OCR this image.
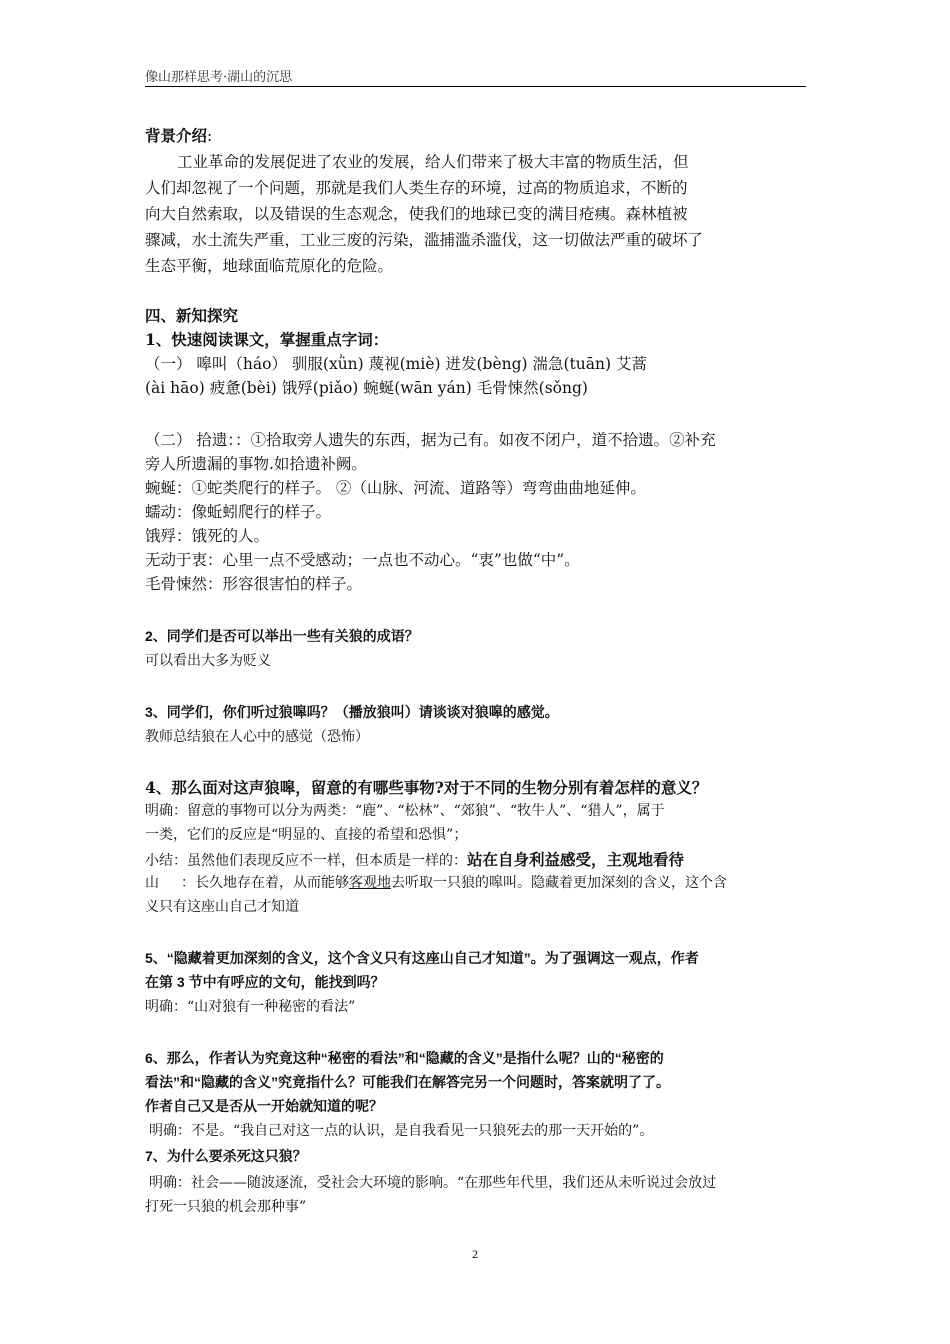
像山那样思考·湖山的沉思
背景介绍:
工业革命的发展促进了农业的发展，给人们带来了极大丰富的物质生活，但
人们却忽视了一个问题，那就是我们人类生存的环境，过高的物质追求，不断的
向大自然索取，以及错误的生态观念，使我们的地球已变的满目疮痍。森林植被
骤减，水土流失严重，工业三废的污染，滥捕滥杀滥伐，这一切做法严重的破坏了
生态平衡，地球面临荒原化的危险。
四、新知探究
1、快速阅读课文，掌握重点字词：
（一） 嗥叫（háo） 驯服(xǜn) 蔑视(miè) 迸发(bèng) 湍急(tuān) 艾蒿
(ài hāo) 疲惫(bèi) 饿殍(piǎo) 蜿蜒(wān yán) 毛骨悚然(sǒng)
（二） 拾遗：：①拾取旁人遗失的东西，据为己有。如夜不闭户，道不拾遗。②补充
旁人所遗漏的事物.如拾遗补阙。
蜿蜒：①蛇类爬行的样子。 ②（山脉、河流、道路等）弯弯曲曲地延伸。
蠕动：像蚯蚓爬行的样子。
饿殍：饿死的人。
无动于衷：心里一点不受感动；一点也不动心。“衷”也做“中”。
毛骨悚然：形容很害怕的样子。
2、同学们是否可以举出一些有关狼的成语？
可以看出大多为贬义
3、同学们，你们听过狼嗥吗？（播放狼叫）请谈谈对狼嗥的感觉。
教师总结狼在人心中的感觉（恐怖）
4、那么面对这声狼嗥，留意的有哪些事物?对于不同的生物分别有着怎样的意义？
明确：留意的事物可以分为两类：“鹿”、“松林”、“郊狼”、“牧牛人”、“猎人”，属于
一类，它们的反应是“明显的、直接的希望和恐惧”；
小结：虽然他们表现反应不一样，但本质是一样的：站在自身利益感受，主观地看待
山 ：长久地存在着，从而能够客观地去听取一只狼的嗥叫。隐藏着更加深刻的含义，这个含
义只有这座山自己才知道
5、“隐藏着更加深刻的含义，这个含义只有这座山自己才知道”。为了强调这一观点，作者
在第 3 节中有呼应的文句，能找到吗？
明确：“山对狼有一种秘密的看法”
6、那么，作者认为究竟这种“秘密的看法”和“隐藏的含义”是指什么呢？山的“秘密的
看法”和“隐藏的含义”究竟指什么？可能我们在解答完另一个问题时，答案就明了了。
作者自己又是否从一开始就知道的呢？
明确：不是。“我自己对这一点的认识，是自我看见一只狼死去的那一天开始的”。
7、为什么要杀死这只狼？
明确：社会——随波逐流，受社会大环境的影响。“在那些年代里，我们还从未听说过会放过
打死一只狼的机会那种事”
2
